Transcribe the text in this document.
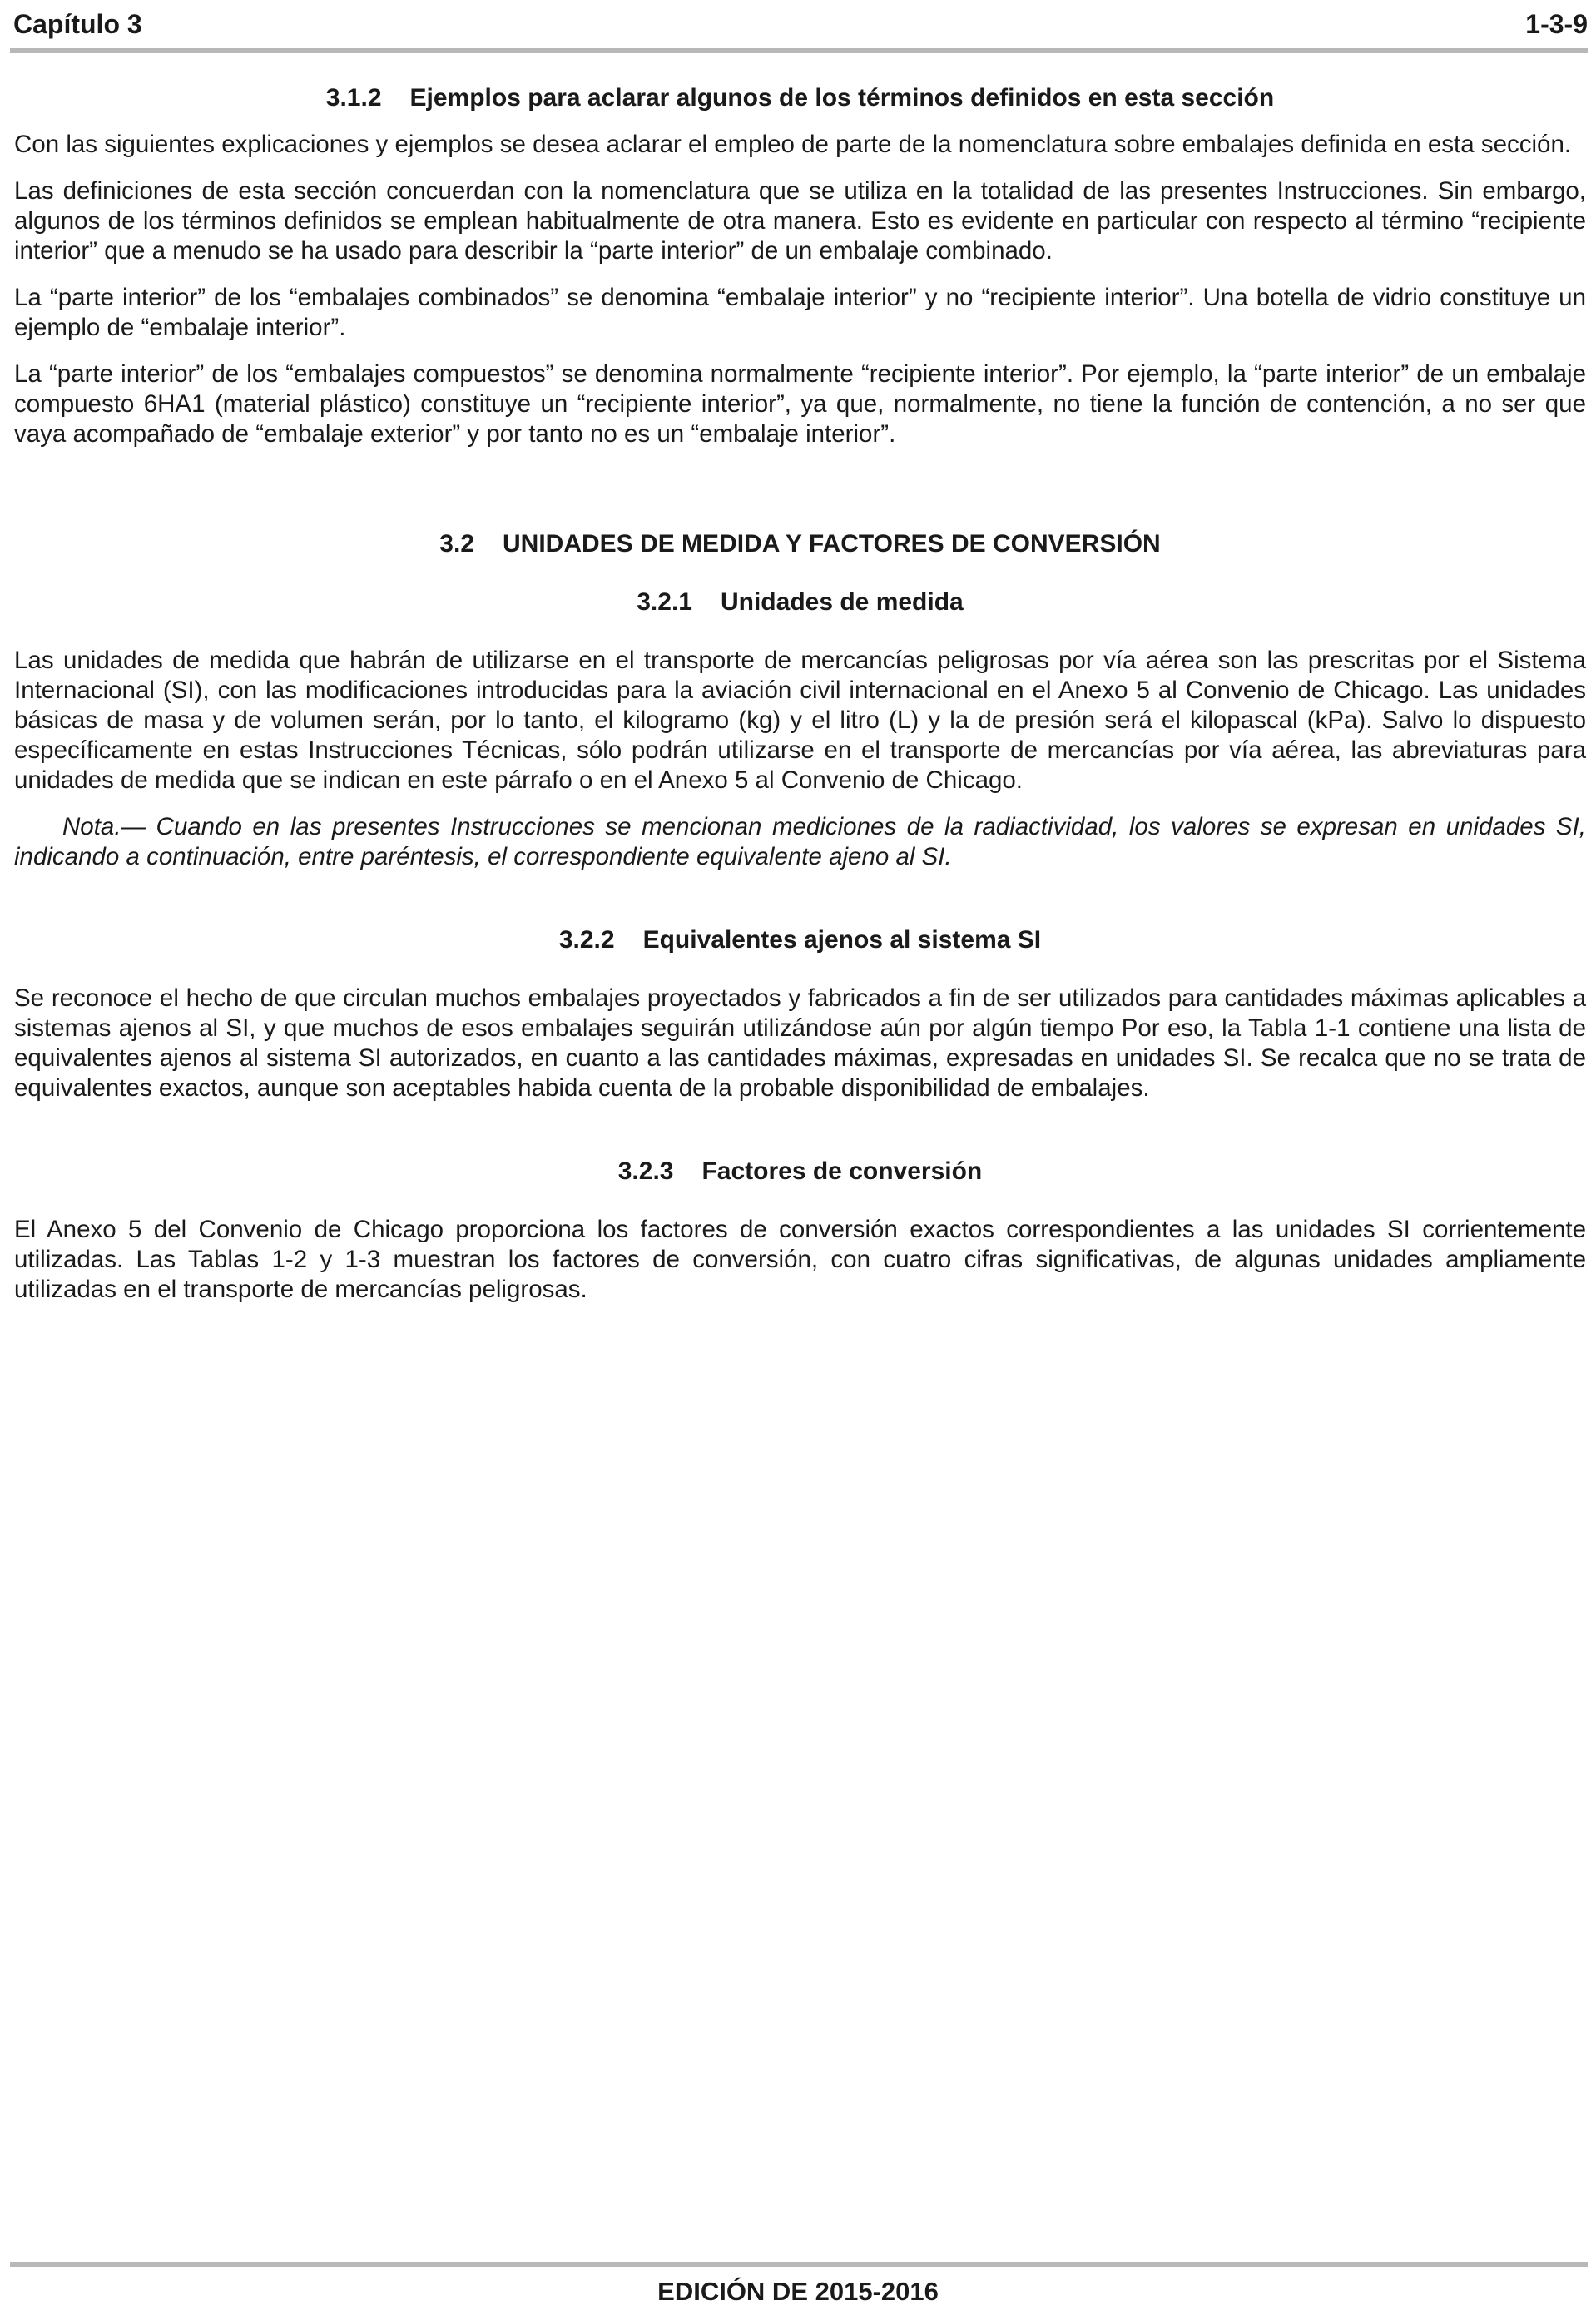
Capítulo 3	1-3-9
3.1.2 Ejemplos para aclarar algunos de los términos definidos en esta sección

Con las siguientes explicaciones y ejemplos se desea aclarar el empleo de parte de la nomenclatura sobre embalajes definida en esta sección.

Las definiciones de esta sección concuerdan con la nomenclatura que se utiliza en la totalidad de las presentes Instrucciones. Sin embargo, algunos de los términos definidos se emplean habitualmente de otra manera. Esto es evidente en particular con respecto al término “recipiente interior” que a menudo se ha usado para describir la “parte interior” de un embalaje combinado.

La “parte interior” de los “embalajes combinados” se denomina “embalaje interior” y no “recipiente interior”. Una botella de vidrio constituye un ejemplo de “embalaje interior”.

La “parte interior” de los “embalajes compuestos” se denomina normalmente “recipiente interior”. Por ejemplo, la “parte interior” de un embalaje compuesto 6HA1 (material plástico) constituye un “recipiente interior”, ya que, normalmente, no tiene la función de contención, a no ser que vaya acompañado de “embalaje exterior” y por tanto no es un “embalaje interior”.

3.2 UNIDADES DE MEDIDA Y FACTORES DE CONVERSIÓN
3.2.1 Unidades de medida

Las unidades de medida que habrán de utilizarse en el transporte de mercancías peligrosas por vía aérea son las prescritas por el Sistema Internacional (SI), con las modificaciones introducidas para la aviación civil internacional en el Anexo 5 al Convenio de Chicago. Las unidades básicas de masa y de volumen serán, por lo tanto, el kilogramo (kg) y el litro (L) y la de presión será el kilopascal (kPa). Salvo lo dispuesto específicamente en estas Instrucciones Técnicas, sólo podrán utilizarse en el transporte de mercancías por vía aérea, las abreviaturas para unidades de medida que se indican en este párrafo o en el Anexo 5 al Convenio de Chicago.

Nota.— Cuando en las presentes Instrucciones se mencionan mediciones de la radiactividad, los valores se expresan en unidades SI, indicando a continuación, entre paréntesis, el correspondiente equivalente ajeno al SI.

3.2.2 Equivalentes ajenos al sistema SI

Se reconoce el hecho de que circulan muchos embalajes proyectados y fabricados a fin de ser utilizados para cantidades máximas aplicables a sistemas ajenos al SI, y que muchos de esos embalajes seguirán utilizándose aún por algún tiempo Por eso, la Tabla 1-1 contiene una lista de equivalentes ajenos al sistema SI autorizados, en cuanto a las cantidades máximas, expresadas en unidades SI. Se recalca que no se trata de equivalentes exactos, aunque son aceptables habida cuenta de la probable disponibilidad de embalajes.

3.2.3 Factores de conversión

El Anexo 5 del Convenio de Chicago proporciona los factores de conversión exactos correspondientes a las unidades SI corrientemente utilizadas. Las Tablas 1-2 y 1-3 muestran los factores de conversión, con cuatro cifras significativas, de algunas unidades ampliamente utilizadas en el transporte de mercancías peligrosas.

EDICIÓN DE 2015-2016
